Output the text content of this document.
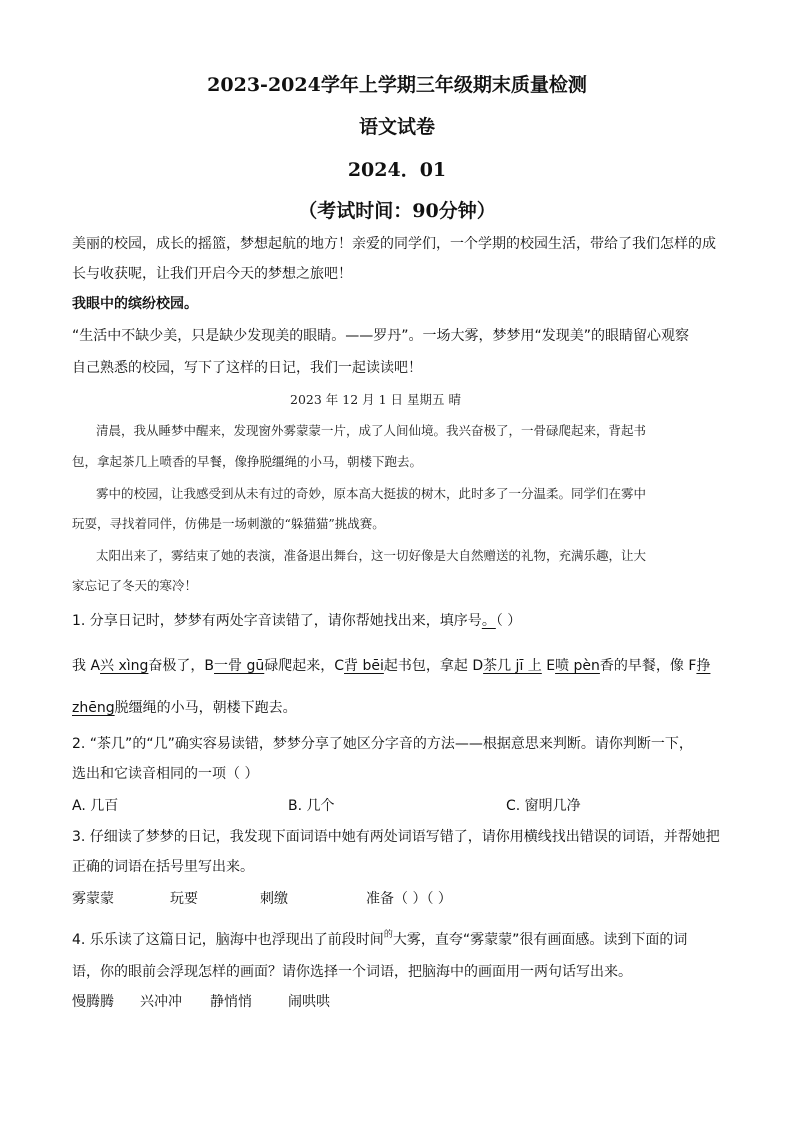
2023-2024学年上学期三年级期末质量检测
语文试卷
2024．01
（考试时间：90分钟）
美丽的校园，成长的摇篮，梦想起航的地方！亲爱的同学们，一个学期的校园生活，带给了我们怎样的成
长与收获呢，让我们开启今天的梦想之旅吧！
我眼中的缤纷校园。
“生活中不缺少美，只是缺少发现美的眼睛。——罗丹”。一场大雾，梦梦用“发现美”的眼睛留心观察
自己熟悉的校园，写下了这样的日记，我们一起读读吧！
2023 年 12 月 1 日 星期五 晴
清晨，我从睡梦中醒来，发现窗外雾蒙蒙一片，成了人间仙境。我兴奋极了，一骨碌爬起来，背起书
包，拿起茶几上喷香的早餐，像挣脱缰绳的小马，朝楼下跑去。
雾中的校园，让我感受到从未有过的奇妙，原本高大挺拔的树木，此时多了一分温柔。同学们在雾中
玩耍，寻找着同伴，仿佛是一场刺激的“躲猫猫”挑战赛。
太阳出来了，雾结束了她的表演，准备退出舞台，这一切好像是大自然赠送的礼物，充满乐趣，让大
家忘记了冬天的寒冷！
1. 分享日记时，梦梦有两处字音读错了，请你帮她找出来，填序号。（ ）
我 A兴 xìng奋极了，B一骨 gū碌爬起来，C背 bēi起书包，拿起 D茶几 jī 上 E喷 pèn香的早餐，像 F挣
zhēng脱缰绳的小马，朝楼下跑去。
2. “茶几”的“几”确实容易读错，梦梦分享了她区分字音的方法——根据意思来判断。请你判断一下，
选出和它读音相同的一项（ ）
A. 几百	B. 几个	C. 窗明几净
3. 仔细读了梦梦的日记，我发现下面词语中她有两处词语写错了，请你用横线找出错误的词语，并帮她把
正确的词语在括号里写出来。
雾蒙蒙	玩要	刺缴	准备（ ）（ ）
4. 乐乐读了这篇日记，脑海中也浮现出了前段时间$^的$大雾，直夸“雾蒙蒙”很有画面感。读到下面的词
语，你的眼前会浮现怎样的画面？请你选择一个词语，把脑海中的画面用一两句话写出来。
慢腾腾 兴冲冲 静悄悄	闹哄哄
